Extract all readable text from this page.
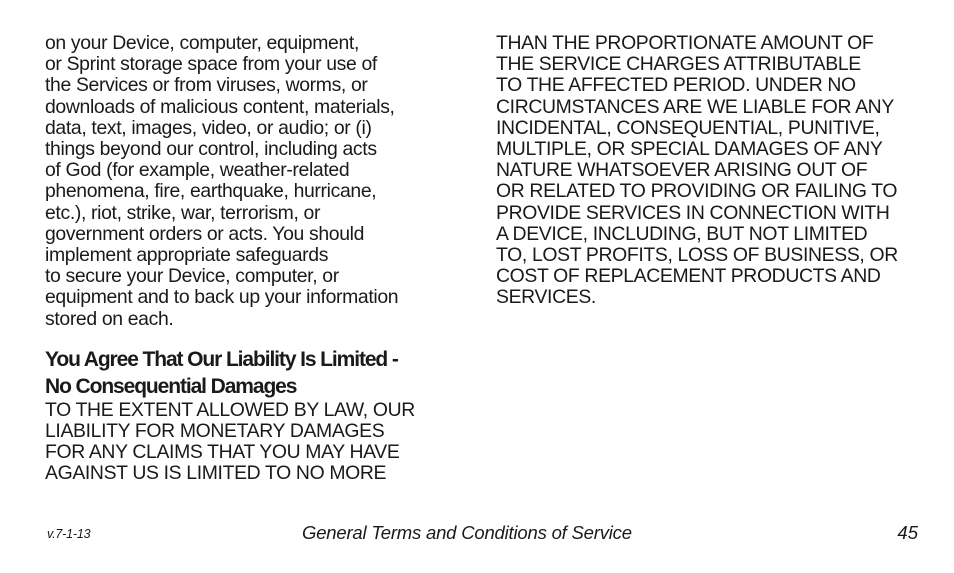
on your Device, computer, equipment,
or Sprint storage space from your use of
the Services or from viruses, worms, or
downloads of malicious content, materials,
data, text, images, video, or audio; or (i)
things beyond our control, including acts
of God (for example, weather-related
phenomena, fire, earthquake, hurricane,
etc.), riot, strike, war, terrorism, or
government orders or acts. You should
implement appropriate safeguards
to secure your Device, computer, or
equipment and to back up your information
stored on each.
You Agree That Our Liability Is Limited -
No Consequential Damages
TO THE EXTENT ALLOWED BY LAW, OUR
LIABILITY FOR MONETARY DAMAGES
FOR ANY CLAIMS THAT YOU MAY HAVE
AGAINST US IS LIMITED TO NO MORE
THAN THE PROPORTIONATE AMOUNT OF
THE SERVICE CHARGES ATTRIBUTABLE
TO THE AFFECTED PERIOD. UNDER NO
CIRCUMSTANCES ARE WE LIABLE FOR ANY
INCIDENTAL, CONSEQUENTIAL, PUNITIVE,
MULTIPLE, OR SPECIAL DAMAGES OF ANY
NATURE WHATSOEVER ARISING OUT OF
OR RELATED TO PROVIDING OR FAILING TO
PROVIDE SERVICES IN CONNECTION WITH
A DEVICE, INCLUDING, BUT NOT LIMITED
TO, LOST PROFITS, LOSS OF BUSINESS, OR
COST OF REPLACEMENT PRODUCTS AND
SERVICES.
v.7-1-13	General Terms and Conditions of Service	45
